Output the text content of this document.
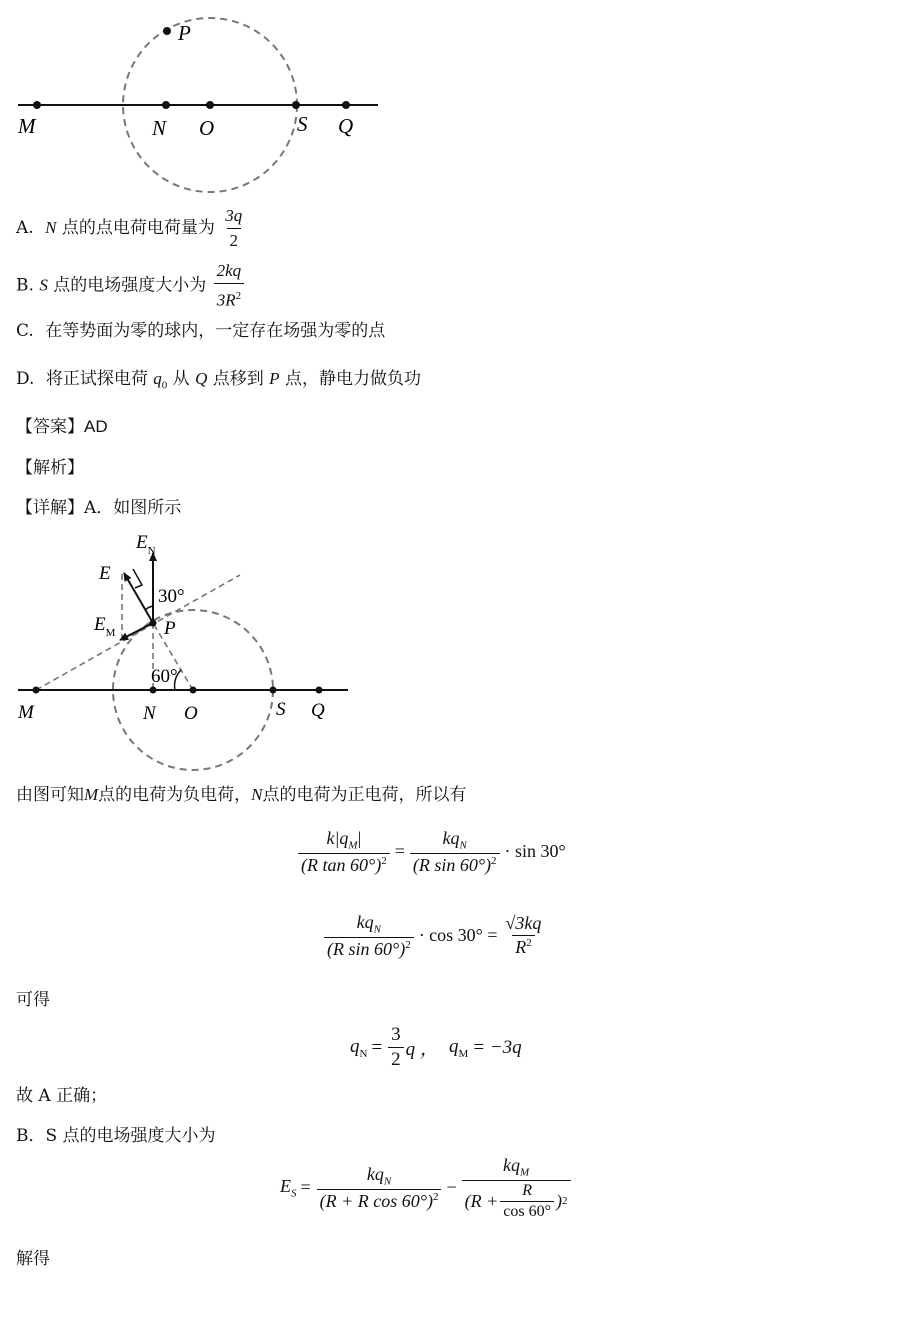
P
M	N O	S Q
A. N 点的点电荷电荷量为 $\frac{3q}{2}$
B. S 点的电场强度大小为 $\frac{2kq}{3R^2}$
C. 在等势面为零的球内，一定存在场强为零的点
D. 将正试探电荷 $q_0$ 从 Q 点移到 P 点，静电力做负功
【答案】AD
【解析】
【详解】A．如图所示
$E_N$
E
$E_M$
30°
60°
P
M	N O	S Q
由图可知M点的电荷为负电荷，N点的电荷为正电荷，所以有
$\frac{k|q_M|}{(R \tan 60^\circ)^2} = \frac{kq_N}{(R \sin 60^\circ)^2} \cdot \sin 30^\circ$
$\frac{kq_N}{(R \sin 60^\circ)^2} \cdot \cos 30^\circ = \frac{√3kq}{R^2}$
可得
$q_N = \frac{3}{2}$ q ， $q_M = -3q$
故 A 正确；
B．S 点的电场强度大小为
$E_S = \frac{kq_N}{(R + R \cos 60^\circ)^2} - \frac{kq_M}{(R + \frac{R}{\cos 60^\circ} ) 2}$
解得
